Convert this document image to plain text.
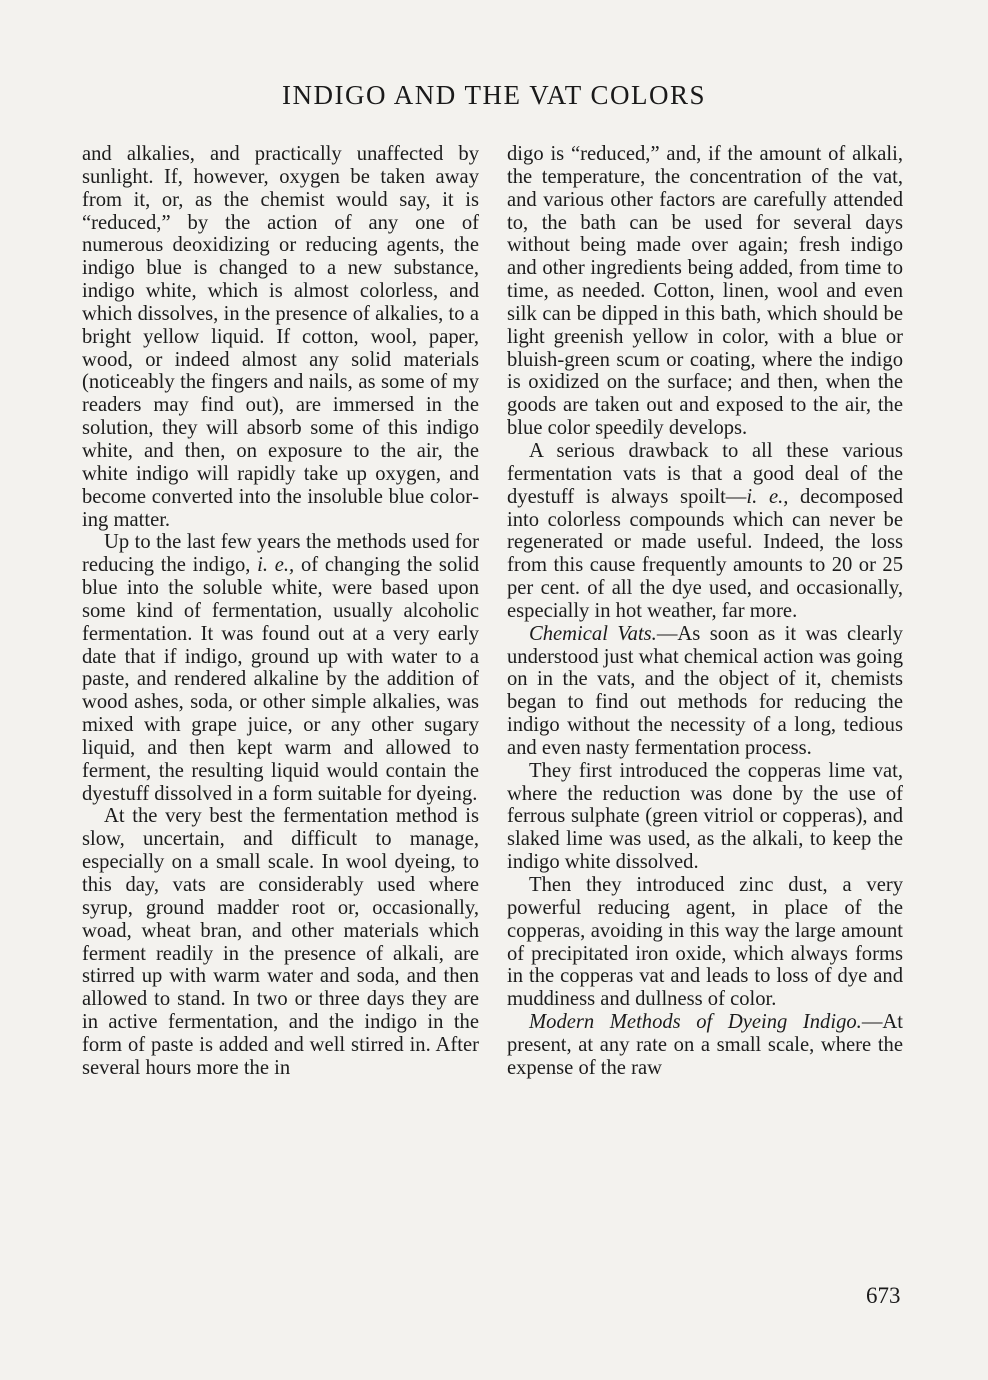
INDIGO AND THE VAT COLORS

and alkalies, and practically unaffected by sunlight. If, however, oxygen be taken away from it, or, as the chemist would say, it is “reduced,” by the action of any one of numerous deoxidizing or reducing agents, the indigo blue is changed to a new substance, indigo white, which is almost colorless, and which dissolves, in the presence of alkalies, to a bright yellow liquid. If cotton, wool, paper, wood, or indeed almost any solid materials (noticeably the fingers and nails, as some of my readers may find out), are immersed in the solution, they will absorb some of this indigo white, and then, on exposure to the air, the white indigo will rapidly take up oxygen, and become converted into the insoluble blue coloring matter.

Up to the last few years the methods used for reducing the indigo, i. e., of changing the solid blue into the soluble white, were based upon some kind of fermentation, usually alcoholic fermentation. It was found out at a very early date that if indigo, ground up with water to a paste, and rendered alkaline by the addition of wood ashes, soda, or other simple alkalies, was mixed with grape juice, or any other sugary liquid, and then kept warm and allowed to ferment, the resulting liquid would contain the dyestuff dissolved in a form suitable for dyeing.

At the very best the fermentation method is slow, uncertain, and difficult to manage, especially on a small scale. In wool dyeing, to this day, vats are considerably used where syrup, ground madder root or, occasionally, woad, wheat bran, and other materials which ferment readily in the presence of alkali, are stirred up with warm water and soda, and then allowed to stand. In two or three days they are in active fermentation, and the indigo in the form of paste is added and well stirred in. After several hours more the in

digo is “reduced,” and, if the amount of alkali, the temperature, the concentration of the vat, and various other factors are carefully attended to, the bath can be used for several days without being made over again; fresh indigo and other ingredients being added, from time to time, as needed. Cotton, linen, wool and even silk can be dipped in this bath, which should be light greenish yellow in color, with a blue or bluish-green scum or coating, where the indigo is oxidized on the surface; and then, when the goods are taken out and exposed to the air, the blue color speedily develops.

A serious drawback to all these various fermentation vats is that a good deal of the dyestuff is always spoilt—i. e., decomposed into colorless compounds which can never be regenerated or made useful. Indeed, the loss from this cause frequently amounts to 20 or 25 per cent. of all the dye used, and occasionally, especially in hot weather, far more.

Chemical Vats.—As soon as it was clearly understood just what chemical action was going on in the vats, and the object of it, chemists began to find out methods for reducing the indigo without the necessity of a long, tedious and even nasty fermentation process.

They first introduced the copperas lime vat, where the reduction was done by the use of ferrous sulphate (green vitriol or copperas), and slaked lime was used, as the alkali, to keep the indigo white dissolved.

Then they introduced zinc dust, a very powerful reducing agent, in place of the copperas, avoiding in this way the large amount of precipitated iron oxide, which always forms in the copperas vat and leads to loss of dye and muddiness and dullness of color.

Modern Methods of Dyeing Indigo.—At present, at any rate on a small scale, where the expense of the raw

673
